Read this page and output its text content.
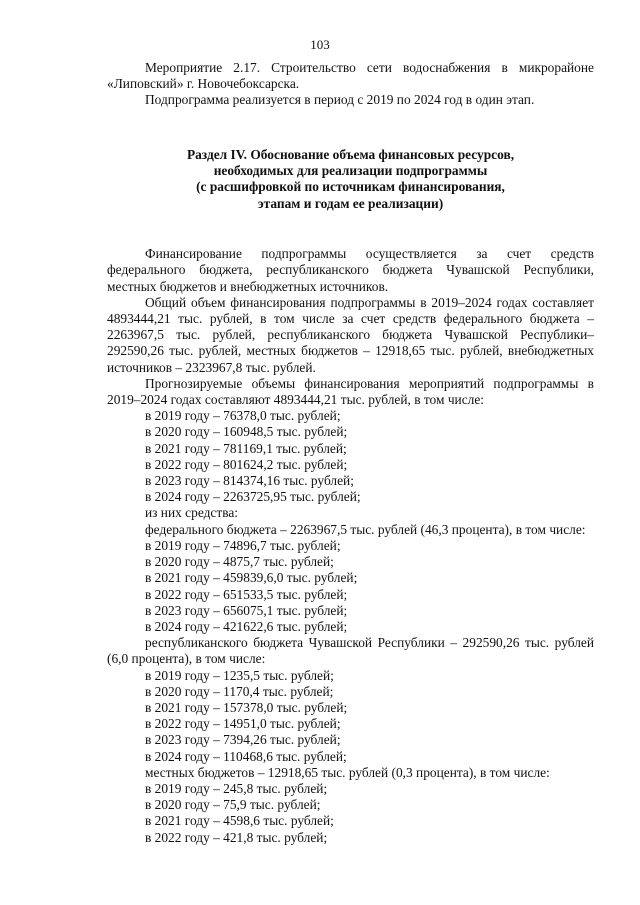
103

Мероприятие 2.17. Строительство сети водоснабжения в микрорайоне

«Липовский» г. Новочебоксарска.

Подпрограмма реализуется в период с 2019 по 2024 год в один этап.

Раздел IV. Обоснование объема финансовых ресурсов,
необходимых для реализации подпрограммы
(с расшифровкой по источникам финансирования,
этапам и годам ее реализации)

Финансирование подпрограммы осуществляется за счет средств федерального бюджета, республиканского бюджета Чувашской Республики, местных бюджетов и внебюджетных источников.

Общий объем финансирования подпрограммы в 2019–2024 годах составляет 4893444,21 тыс. рублей, в том числе за счет средств федерального бюджета – 2263967,5 тыс. рублей, республиканского бюджета Чувашской Республики– 292590,26 тыс. рублей, местных бюджетов – 12918,65 тыс. рублей, внебюджетных источников – 2323967,8 тыс. рублей.

Прогнозируемые объемы финансирования мероприятий подпрограммы в 2019–2024 годах составляют 4893444,21 тыс. рублей, в том числе:

в 2019 году – 76378,0 тыс. рублей;

в 2020 году – 160948,5 тыс. рублей;

в 2021 году – 781169,1 тыс. рублей;

в 2022 году – 801624,2 тыс. рублей;

в 2023 году – 814374,16 тыс. рублей;

в 2024 году – 2263725,95 тыс. рублей;

из них средства:

федерального бюджета – 2263967,5 тыс. рублей (46,3 процента), в том числе:

в 2019 году – 74896,7 тыс. рублей;

в 2020 году – 4875,7 тыс. рублей;

в 2021 году – 459839,6,0 тыс. рублей;

в 2022 году – 651533,5 тыс. рублей;

в 2023 году – 656075,1 тыс. рублей;

в 2024 году – 421622,6 тыс. рублей;

республиканского бюджета Чувашской Республики – 292590,26 тыс. рублей (6,0 процента), в том числе:

в 2019 году – 1235,5 тыс. рублей;

в 2020 году – 1170,4 тыс. рублей;

в 2021 году – 157378,0 тыс. рублей;

в 2022 году – 14951,0 тыс. рублей;

в 2023 году – 7394,26 тыс. рублей;

в 2024 году – 110468,6 тыс. рублей;

местных бюджетов – 12918,65 тыс. рублей (0,3 процента), в том числе:

в 2019 году – 245,8 тыс. рублей;

в 2020 году – 75,9 тыс. рублей;

в 2021 году – 4598,6 тыс. рублей;

в 2022 году – 421,8 тыс. рублей;
